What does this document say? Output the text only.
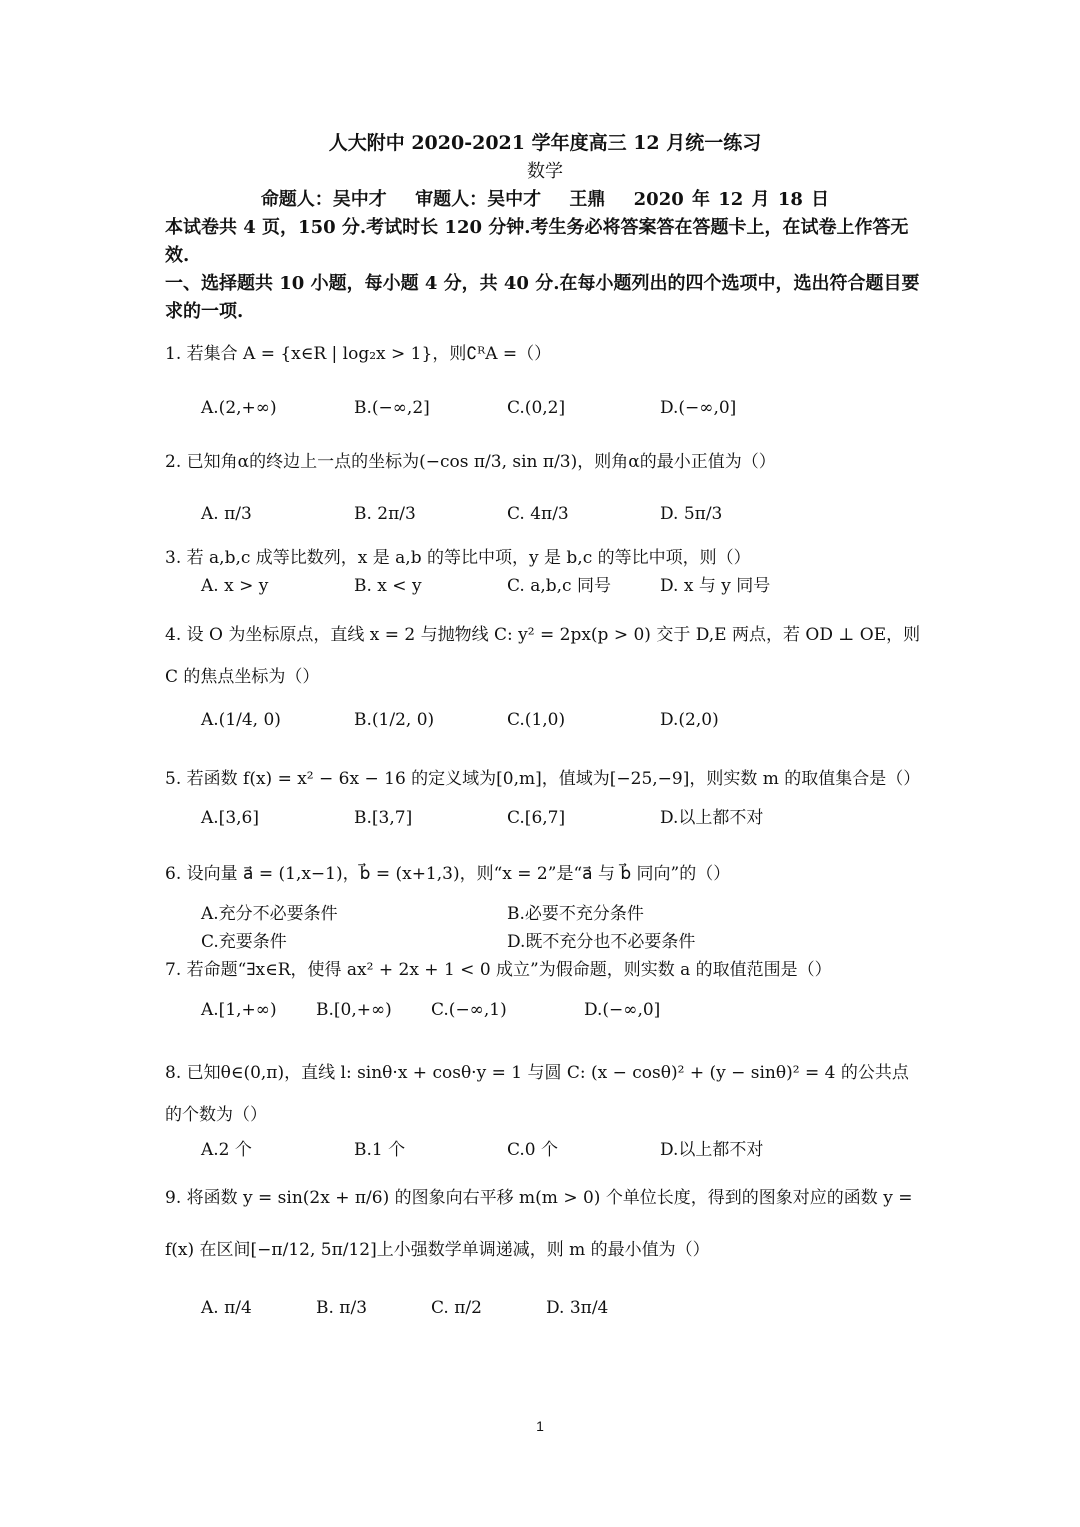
人大附中 2020-2021 学年度高三 12 月统一练习
数学
命题人：吴中才 审题人：吴中才 王鼎 2020 年 12 月 18 日
本试卷共 4 页，150 分.考试时长 120 分钟.考生务必将答案答在答题卡上，在试卷上作答无效.
一、选择题共 10 小题，每小题 4 分，共 40 分.在每小题列出的四个选项中，选出符合题目要求的一项.

1. 若集合 A = {x∈R | log₂x > 1}，则∁ᴿA =（）

A.(2,+∞)	B.(−∞,2]	C.(0,2]	D.(−∞,0]

2. 已知角α的终边上一点的坐标为(−cos π/3, sin π/3)，则角α的最小正值为（）

A. π/3	B. 2π/3	C. 4π/3	D. 5π/3

3. 若 a,b,c 成等比数列，x 是 a,b 的等比中项，y 是 b,c 的等比中项，则（）

A. x > y	B. x < y	C. a,b,c 同号	D. x 与 y 同号

4. 设 O 为坐标原点，直线 x = 2 与抛物线 C: y² = 2px(p > 0) 交于 D,E 两点，若 OD ⊥ OE，则 C 的焦点坐标为（）

A.(1/4, 0)	B.(1/2, 0)	C.(1,0)	D.(2,0)

5. 若函数 f(x) = x² − 6x − 16 的定义域为[0,m]，值域为[−25,−9]，则实数 m 的取值集合是（）

A.[3,6]	B.[3,7]	C.[6,7]	D.以上都不对

6. 设向量 a⃗ = (1,x−1)，b⃗ = (x+1,3)，则“x = 2”是“a⃗ 与 b⃗ 同向”的（）

A.充分不必要条件	B.必要不充分条件
C.充要条件	D.既不充分也不必要条件

7. 若命题“∃x∈R，使得 ax² + 2x + 1 < 0 成立”为假命题，则实数 a 的取值范围是（）

A.[1,+∞)	B.[0,+∞)	C.(−∞,1)	D.(−∞,0]

8. 已知θ∈(0,π)，直线 l: sinθ·x + cosθ·y = 1 与圆 C: (x − cosθ)² + (y − sinθ)² = 4 的公共点的个数为（）

A.2 个	B.1 个	C.0 个	D.以上都不对

9. 将函数 y = sin(2x + π/6) 的图象向右平移 m(m > 0) 个单位长度，得到的图象对应的函数 y = f(x) 在区间[−π/12, 5π/12]上小强数学单调递减，则 m 的最小值为（）

A. π/4	B. π/3	C. π/2	D. 3π/4
1
